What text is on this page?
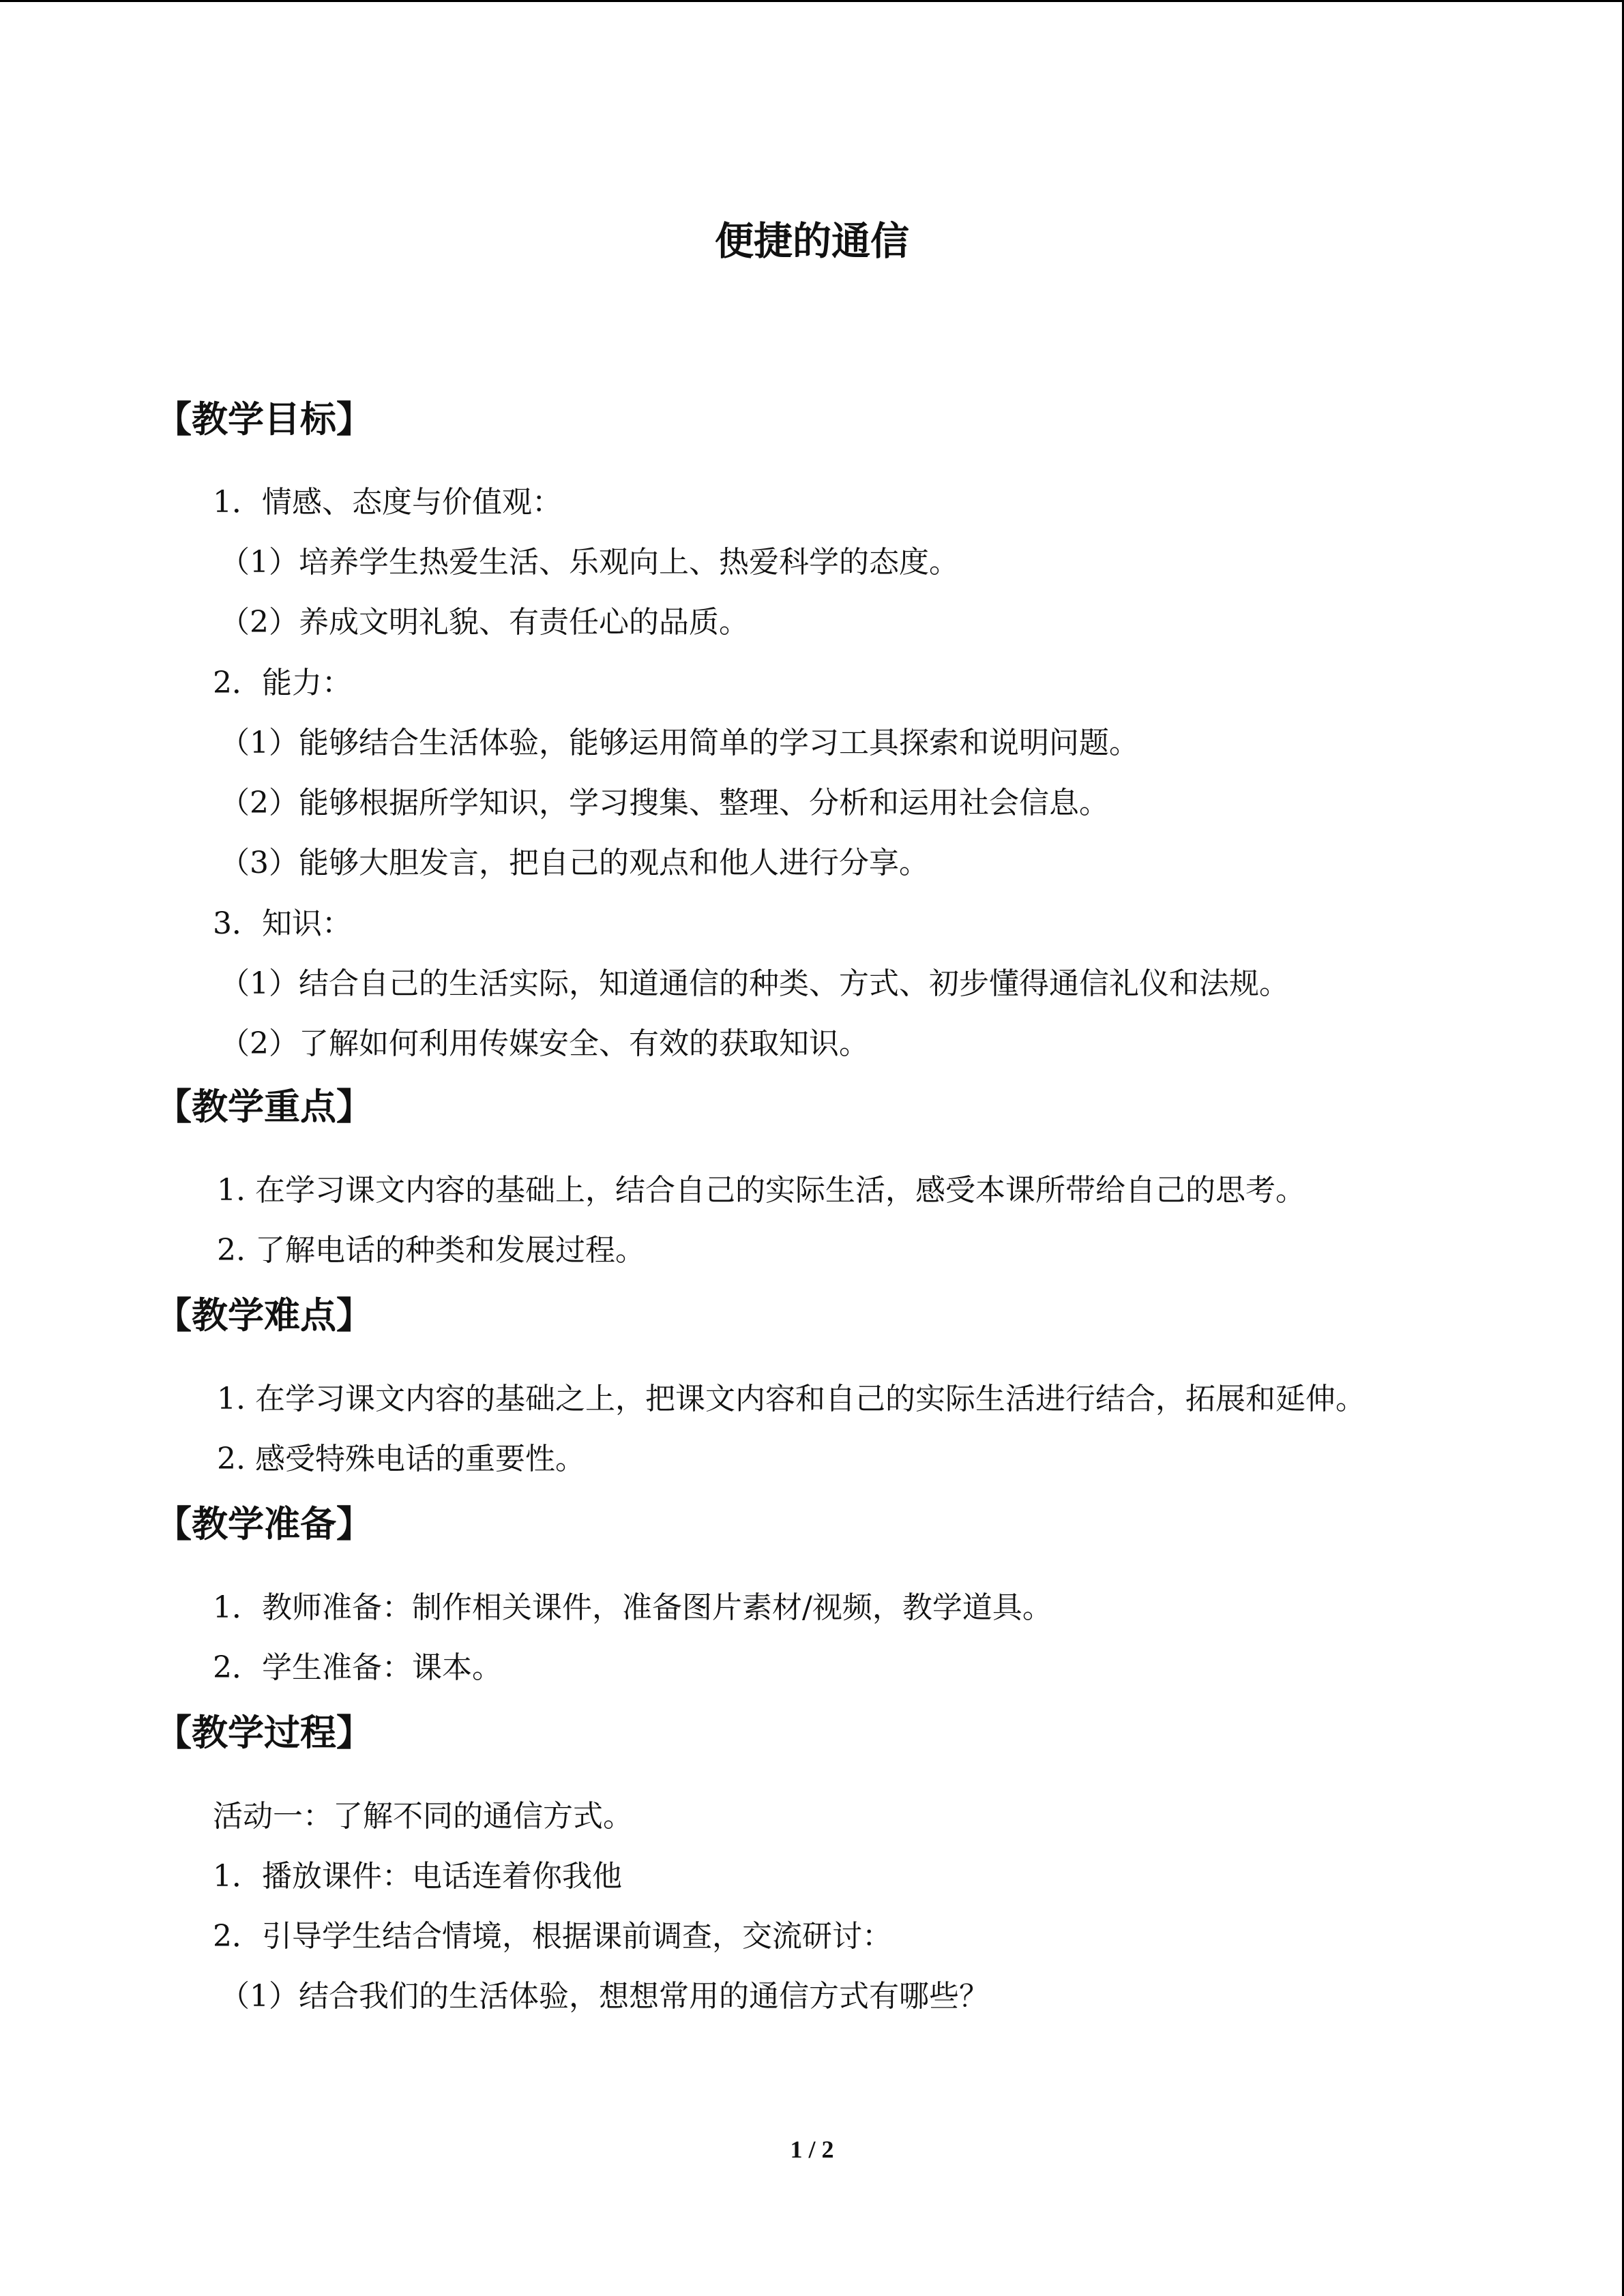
便捷的通信
【教学目标】
1．情感、态度与价值观：
（1）培养学生热爱生活、乐观向上、热爱科学的态度。
（2）养成文明礼貌、有责任心的品质。
2．能力：
（1）能够结合生活体验，能够运用简单的学习工具探索和说明问题。
（2）能够根据所学知识，学习搜集、整理、分析和运用社会信息。
（3）能够大胆发言，把自己的观点和他人进行分享。
3．知识：
（1）结合自己的生活实际，知道通信的种类、方式、初步懂得通信礼仪和法规。
（2）了解如何利用传媒安全、有效的获取知识。
【教学重点】
1. 在学习课文内容的基础上，结合自己的实际生活，感受本课所带给自己的思考。
2. 了解电话的种类和发展过程。
【教学难点】
1. 在学习课文内容的基础之上，把课文内容和自己的实际生活进行结合，拓展和延伸。
2. 感受特殊电话的重要性。
【教学准备】
1．教师准备：制作相关课件，准备图片素材/视频，教学道具。
2．学生准备：课本。
【教学过程】
活动一：了解不同的通信方式。
1．播放课件：电话连着你我他
2．引导学生结合情境，根据课前调查，交流研讨：
（1）结合我们的生活体验，想想常用的通信方式有哪些？
1 / 2
